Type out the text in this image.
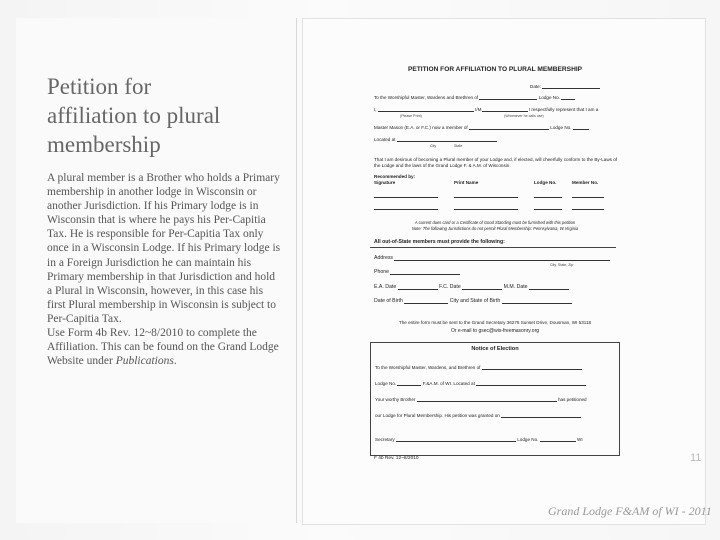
Petition for
affiliation to plural
membership

A plural member is a Brother who holds a Primary membership in another lodge in Wisconsin or another Jurisdiction. If his Primary lodge is in Wisconsin that is where he pays his Per-Capitia Tax. He is responsible for Per-Capitia Tax only once in a Wisconsin Lodge. If his Primary lodge is in a Foreign Jurisdiction he can maintain his Primary membership in that Jurisdiction and hold a Plural in Wisconsin, however, in this case his first Plural membership in Wisconsin is subject to Per-Capitia Tax.

Use Form 4b Rev. 12~8/2010 to complete the Affiliation. This can be found on the Grand Lodge Website under Publications.

PETITION FOR AFFILIATION TO PLURAL MEMBERSHIP
Date:
To the Worshipful Master, Wardens and Brethren of	Lodge No.
I,	I/M	I respectfully represent that I am a
(Please Print)	(Whomever he calls use)
Master Mason (E.A. or F.C.) now a member of	Lodge No.
Located at
City	State
That I am desirous of becoming a Plural member of your Lodge and, if elected, will cheerfully conform to the By-Laws of the Lodge and the laws of the Grand Lodge F. & A.M. of Wisconsin.
Recommended by:
Signature	Print Name	Lodge No.	Member No.
A current dues card or a Certificate of Good Standing must be furnished with this petition
Note: The following Jurisdictions do not permit Plural Membership: Pennsylvania, W.Virginia
All out-of-State members must provide the following:
Address
City, State, Zip
Phone
E.A. Date	F.C. Date	M.M. Date
Date of Birth	City and State of Birth
The entire form must be sent to the Grand Secretary 36275 Sunset Drive, Dousman, WI 53118
Or e-mail to gsec@wis-freemasonry.org
Notice of Election
To the Worshipful Master, Wardens, and Brethren of
Lodge No.	F.&A.M. of WI. Located at
Your worthy Brother	has petitioned
our Lodge for Plural Membership. His petition was granted on
Secretary	Lodge No.	WI
F 4b Rev. 12~8/2010	11
Grand Lodge F&AM of WI - 2011
